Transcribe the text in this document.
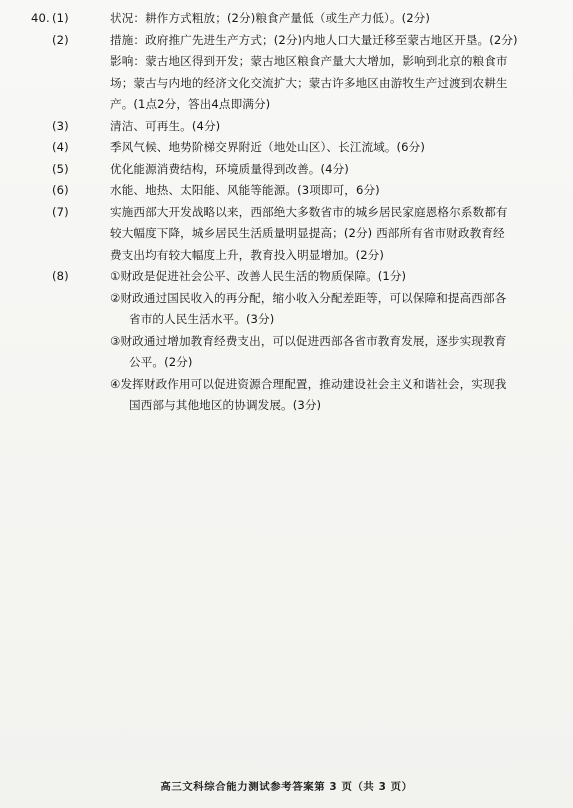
40. (1)	状况：耕作方式粗放；(2分)粮食产量低（或生产力低）。(2分)
(2)	措施：政府推广先进生产方式；(2分)内地人口大量迁移至蒙古地区开垦。(2分)
影响：蒙古地区得到开发；蒙古地区粮食产量大大增加，影响到北京的粮食市
场；蒙古与内地的经济文化交流扩大；蒙古许多地区由游牧生产过渡到农耕生
产。(1点2分，答出4点即满分)
(3)	清洁、可再生。(4分)
(4)	季风气候、地势阶梯交界附近（地处山区）、长江流域。(6分)
(5)	优化能源消费结构，环境质量得到改善。(4分)
(6)	水能、地热、太阳能、风能等能源。(3项即可，6分)
(7)	实施西部大开发战略以来，西部绝大多数省市的城乡居民家庭恩格尔系数都有
较大幅度下降，城乡居民生活质量明显提高；(2分) 西部所有省市财政教育经
费支出均有较大幅度上升，教育投入明显增加。(2分)
(8)	①财政是促进社会公平、改善人民生活的物质保障。(1分)
②财政通过国民收入的再分配，缩小收入分配差距等，可以保障和提高西部各
省市的人民生活水平。(3分)
③财政通过增加教育经费支出，可以促进西部各省市教育发展，逐步实现教育
公平。(2分)
④发挥财政作用可以促进资源合理配置，推动建设社会主义和谐社会，实现我
国西部与其他地区的协调发展。(3分)
高三文科综合能力测试参考答案第 3 页（共 3 页）
